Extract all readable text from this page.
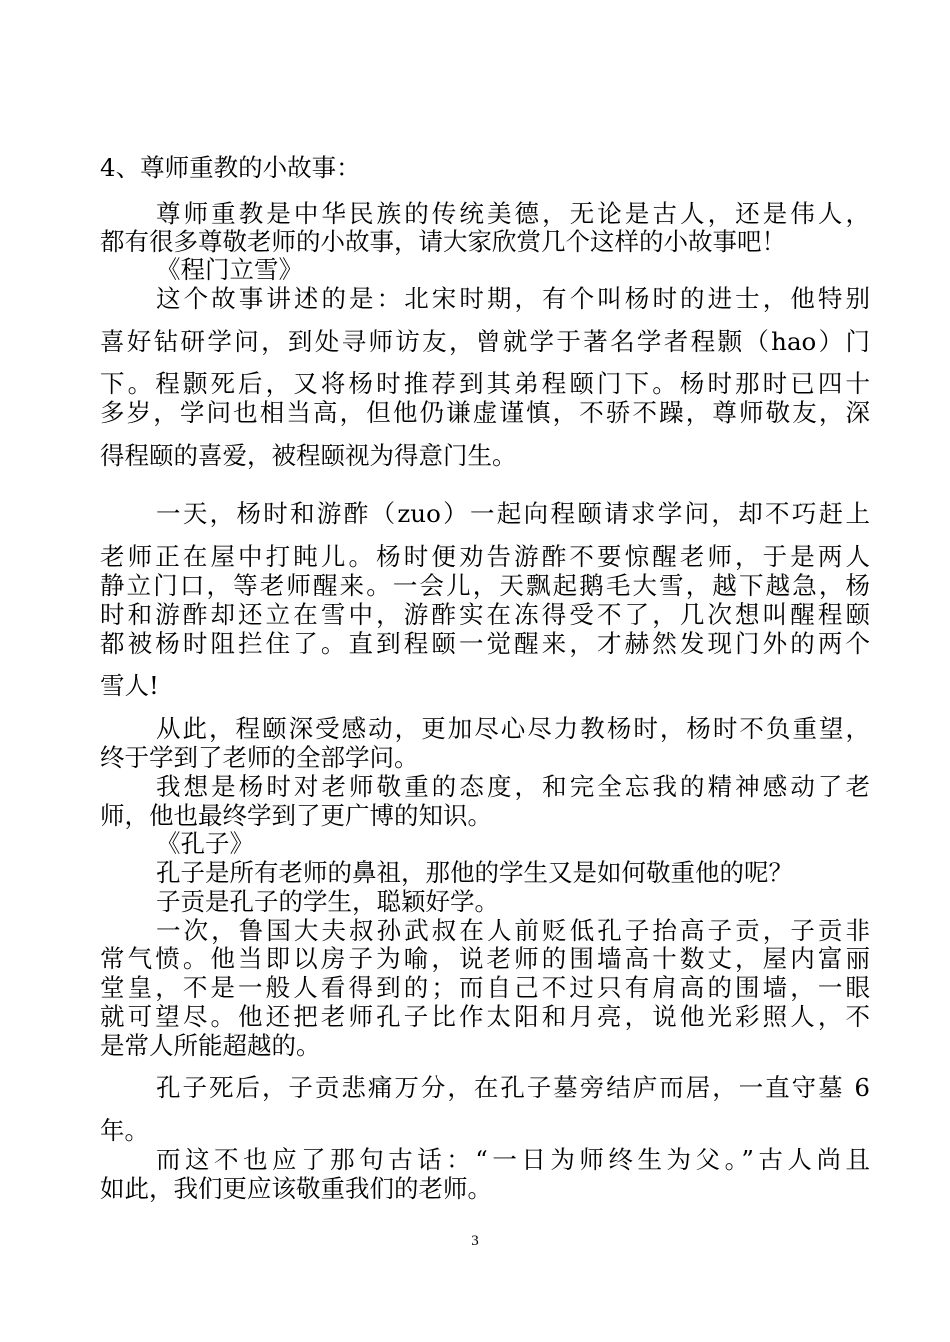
4、尊师重教的小故事：
尊师重教是中华民族的传统美德，无论是古人，还是伟人，
都有很多尊敬老师的小故事，请大家欣赏几个这样的小故事吧！
《程门立雪》
这个故事讲述的是：北宋时期，有个叫杨时的进士，他特别
喜好钻研学问，到处寻师访友，曾就学于著名学者程颢（hao）门
下。程颢死后，又将杨时推荐到其弟程颐门下。杨时那时已四十
多岁，学问也相当高，但他仍谦虚谨慎，不骄不躁，尊师敬友，深
得程颐的喜爱，被程颐视为得意门生。
一天，杨时和游酢（zuo）一起向程颐请求学问，却不巧赶上
老师正在屋中打盹儿。杨时便劝告游酢不要惊醒老师，于是两人
静立门口，等老师醒来。一会儿，天飘起鹅毛大雪，越下越急，杨
时和游酢却还立在雪中，游酢实在冻得受不了，几次想叫醒程颐
都被杨时阻拦住了。直到程颐一觉醒来，才赫然发现门外的两个
雪人!
从此，程颐深受感动，更加尽心尽力教杨时，杨时不负重望，
终于学到了老师的全部学问。
我想是杨时对老师敬重的态度，和完全忘我的精神感动了老
师，他也最终学到了更广博的知识。
《孔子》
孔子是所有老师的鼻祖，那他的学生又是如何敬重他的呢？
子贡是孔子的学生，聪颖好学。
一次，鲁国大夫叔孙武叔在人前贬低孔子抬高子贡，子贡非
常气愤。他当即以房子为喻，说老师的围墙高十数丈，屋内富丽
堂皇，不是一般人看得到的；而自己不过只有肩高的围墙，一眼
就可望尽。他还把老师孔子比作太阳和月亮，说他光彩照人，不
是常人所能超越的。
孔子死后，子贡悲痛万分，在孔子墓旁结庐而居，一直守墓 6
年。
而这不也应了那句古话：“一日为师终生为父。”古人尚且
如此，我们更应该敬重我们的老师。
3
